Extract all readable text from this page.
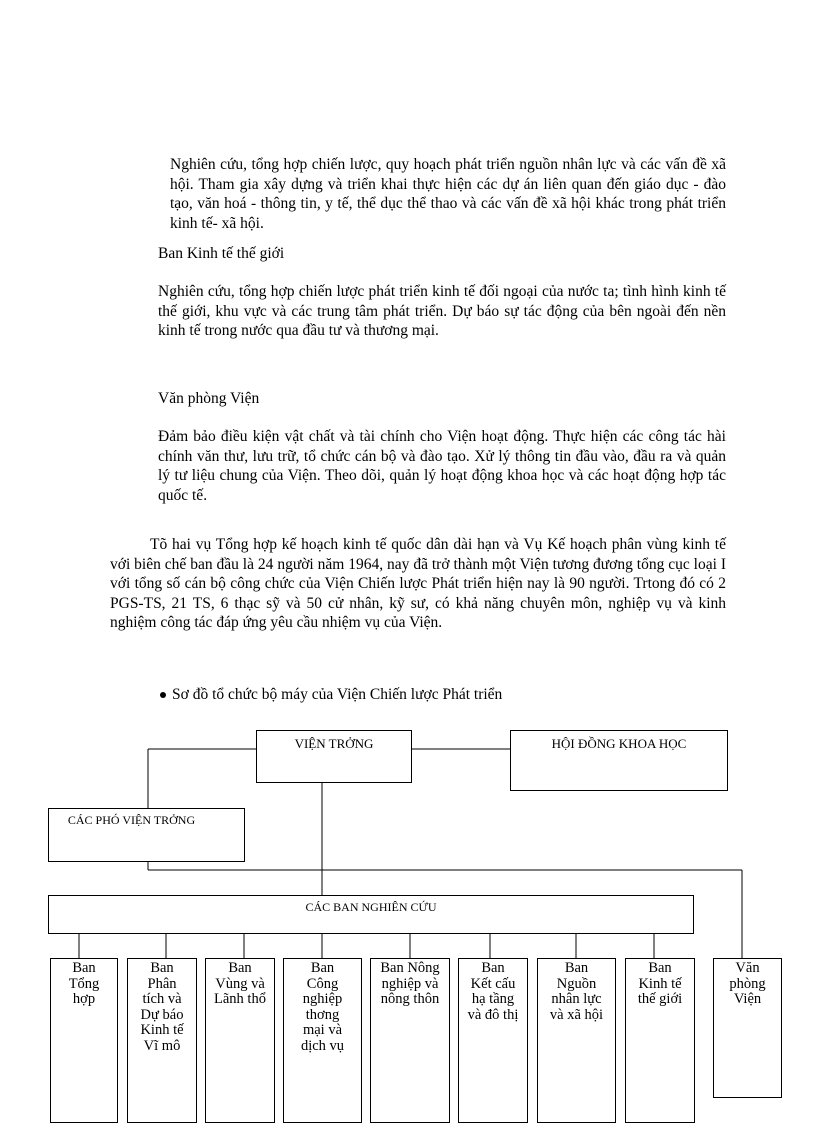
Nghiên cứu, tổng hợp chiến lược, quy hoạch phát triển nguồn nhân lực và các vấn đề xã hội. Tham gia xây dựng và triển khai thực hiện các dự án liên quan đến giáo dục - đào tạo, văn hoá - thông tin, y tế, thể dục thể thao và các vấn đề xã hội khác trong phát triển kinh tế- xã hội.

Ban Kinh tế thế giới

Nghiên cứu, tổng hợp chiến lược phát triển kinh tế đối ngoại của nước ta; tình hình kinh tế thế giới, khu vực và các trung tâm phát triển. Dự báo sự tác động của bên ngoài đến nền kinh tế trong nước qua đầu tư và thương mại.

Văn phòng Viện

Đảm bảo điều kiện vật chất và tài chính cho Viện hoạt động. Thực hiện các công tác hài chính văn thư, lưu trữ, tổ chức cán bộ và đào tạo. Xử lý thông tin đầu vào, đầu ra và quản lý tư liệu chung của Viện. Theo dõi, quản lý hoạt động khoa học và các hoạt động hợp tác quốc tế.

Tõ hai vụ Tổng hợp kế hoạch kinh tế quốc dân dài hạn và Vụ Kế hoạch phân vùng kinh tế với biên chế ban đầu là 24 người năm 1964, nay đã trở thành một Viện tương đương tổng cục loại I với tổng số cán bộ công chức của Viện Chiến lược Phát triển hiện nay là 90 người. Trtong đó có 2 PGS-TS, 21 TS, 6 thạc sỹ và 50 cử nhân, kỹ sư, có khả năng chuyên môn, nghiệp vụ và kinh nghiệm công tác đáp ứng yêu cầu nhiệm vụ của Viện.

Sơ đồ tổ chức bộ máy của Viện Chiến lược Phát triển
VIỆN TRỞNG	HỘI ĐỒNG KHOA HỌC
CÁC PHÓ VIỆN TRỞNG
CÁC BAN NGHIÊN CỨU
Ban
Tổng
hợp
Ban
Phân
tích và
Dự báo
Kinh tế
Vĩ mô
Ban
Vùng và
Lãnh thổ
Ban
Công
nghiệp
thơng
mại và
dịch vụ
Ban Nông
nghiệp và
nông thôn
Ban
Kết cấu
hạ tầng
và đô thị
Ban
Nguồn
nhân lực
và xã hội
Ban
Kinh tế
thế giới
Văn
phòng
Viện
